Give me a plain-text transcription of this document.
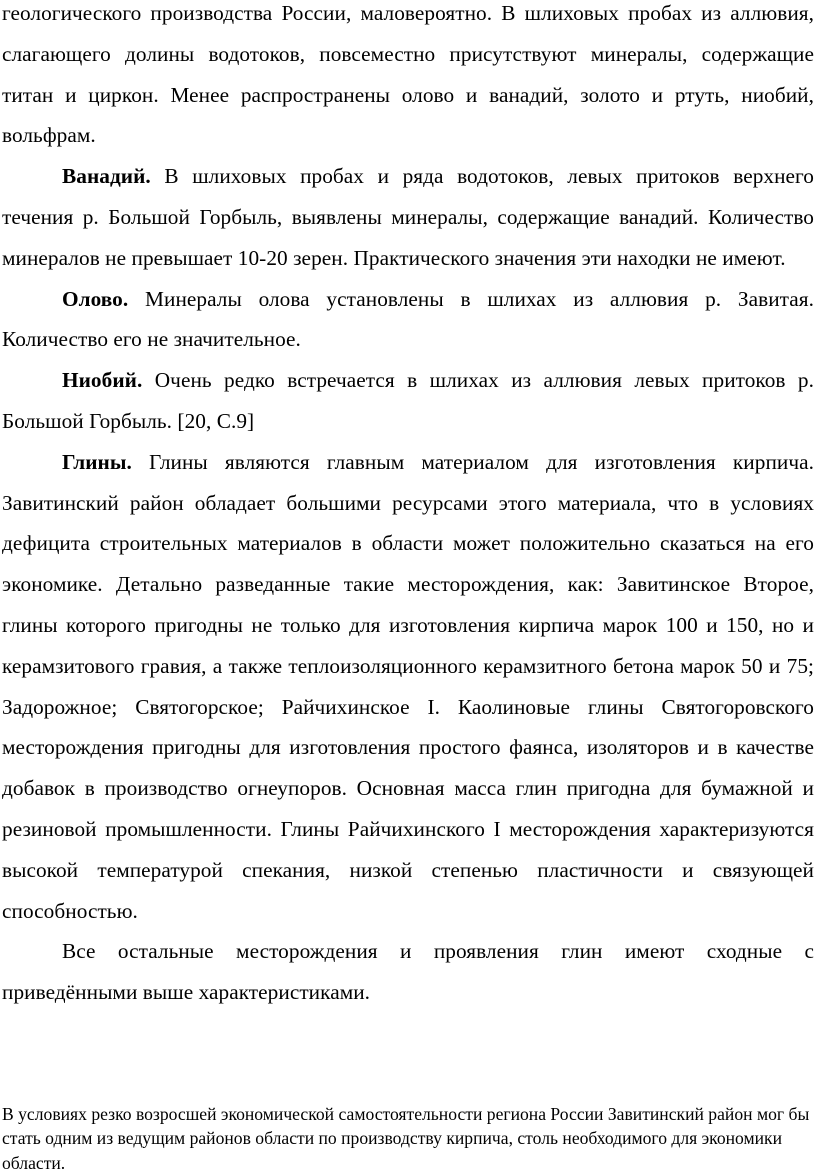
геологического производства России, маловероятно. В шлиховых пробах из аллювия, слагающего долины водотоков, повсеместно присутствуют минералы, содержащие титан и циркон. Менее распространены олово и ванадий, золото и ртуть, ниобий, вольфрам.

Ванадий. В шлиховых пробах и ряда водотоков, левых притоков верхнего течения р. Большой Горбыль, выявлены минералы, содержащие ванадий. Количество минералов не превышает 10-20 зерен. Практического значения эти находки не имеют.

Олово. Минералы олова установлены в шлихах из аллювия р. Завитая. Количество его не значительное.

Ниобий. Очень редко встречается в шлихах из аллювия левых притоков р. Большой Горбыль. [20, С.9]

Глины. Глины являются главным материалом для изготовления кирпича. Завитинский район обладает большими ресурсами этого материала, что в условиях дефицита строительных материалов в области может положительно сказаться на его экономике. Детально разведанные такие месторождения, как: Завитинское Второе, глины которого пригодны не только для изготовления кирпича марок 100 и 150, но и керамзитового гравия, а также теплоизоляционного керамзитного бетона марок 50 и 75; Задорожное; Святогорское; Райчихинское I. Каолиновые глины Святогоровского месторождения пригодны для изготовления простого фаянса, изоляторов и в качестве добавок в производство огнеупоров. Основная масса глин пригодна для бумажной и резиновой промышленности. Глины Райчихинского I месторождения характеризуются высокой температурой спекания, низкой степенью пластичности и связующей способностью.

Все остальные месторождения и проявления глин имеют сходные с приведёнными выше характеристиками.

В условиях резко возросшей экономической самостоятельности региона России Завитинский район мог бы стать одним из ведущим районов области по производству кирпича, столь необходимого для экономики области.
